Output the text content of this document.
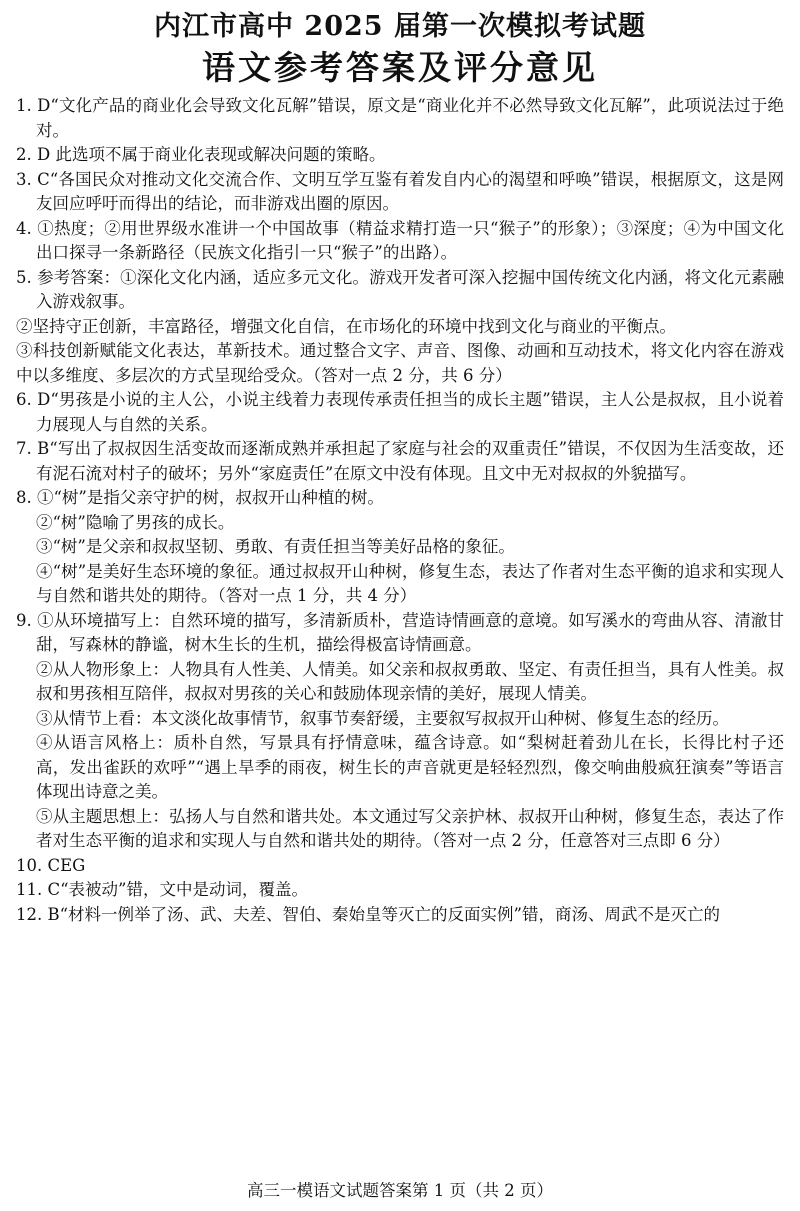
内江市高中 2025 届第一次模拟考试题
语文参考答案及评分意见

1. D“文化产品的商业化会导致文化瓦解”错误，原文是“商业化并不必然导致文化瓦解”，此项说法过于绝对。

2. D 此选项不属于商业化表现或解决问题的策略。

3. C“各国民众对推动文化交流合作、文明互学互鉴有着发自内心的渴望和呼唤”错误，根据原文，这是网友回应呼吁而得出的结论，而非游戏出圈的原因。

4. ①热度；②用世界级水准讲一个中国故事（精益求精打造一只“猴子”的形象）；③深度；④为中国文化出口探寻一条新路径（民族文化指引一只“猴子”的出路）。

5. 参考答案：①深化文化内涵，适应多元文化。游戏开发者可深入挖掘中国传统文化内涵，将文化元素融入游戏叙事。

②坚持守正创新，丰富路径，增强文化自信，在市场化的环境中找到文化与商业的平衡点。

③科技创新赋能文化表达，革新技术。通过整合文字、声音、图像、动画和互动技术，将文化内容在游戏中以多维度、多层次的方式呈现给受众。（答对一点 2 分，共 6 分）

6. D“男孩是小说的主人公，小说主线着力表现传承责任担当的成长主题”错误，主人公是叔叔，且小说着力展现人与自然的关系。

7. B“写出了叔叔因生活变故而逐渐成熟并承担起了家庭与社会的双重责任”错误，不仅因为生活变故，还有泥石流对村子的破坏；另外“家庭责任”在原文中没有体现。且文中无对叔叔的外貌描写。

8. ①“树”是指父亲守护的树，叔叔开山种植的树。

②“树”隐喻了男孩的成长。

③“树”是父亲和叔叔坚韧、勇敢、有责任担当等美好品格的象征。

④“树”是美好生态环境的象征。通过叔叔开山种树，修复生态，表达了作者对生态平衡的追求和实现人与自然和谐共处的期待。（答对一点 1 分，共 4 分）

9. ①从环境描写上：自然环境的描写，多清新质朴，营造诗情画意的意境。如写溪水的弯曲从容、清澈甘甜，写森林的静谧，树木生长的生机，描绘得极富诗情画意。

②从人物形象上：人物具有人性美、人情美。如父亲和叔叔勇敢、坚定、有责任担当，具有人性美。叔叔和男孩相互陪伴，叔叔对男孩的关心和鼓励体现亲情的美好，展现人情美。

③从情节上看：本文淡化故事情节，叙事节奏舒缓，主要叙写叔叔开山种树、修复生态的经历。

④从语言风格上：质朴自然，写景具有抒情意味，蕴含诗意。如“梨树赶着劲儿在长，长得比村子还高，发出雀跃的欢呼”“遇上旱季的雨夜，树生长的声音就更是轻轻烈烈，像交响曲般疯狂演奏”等语言体现出诗意之美。

⑤从主题思想上：弘扬人与自然和谐共处。本文通过写父亲护林、叔叔开山种树，修复生态，表达了作者对生态平衡的追求和实现人与自然和谐共处的期待。（答对一点 2 分，任意答对三点即 6 分）

10. CEG

11. C“表被动”错，文中是动词，覆盖。

12. B“材料一例举了汤、武、夫差、智伯、秦始皇等灭亡的反面实例”错，商汤、周武不是灭亡的

高三一模语文试题答案第 1 页（共 2 页）
